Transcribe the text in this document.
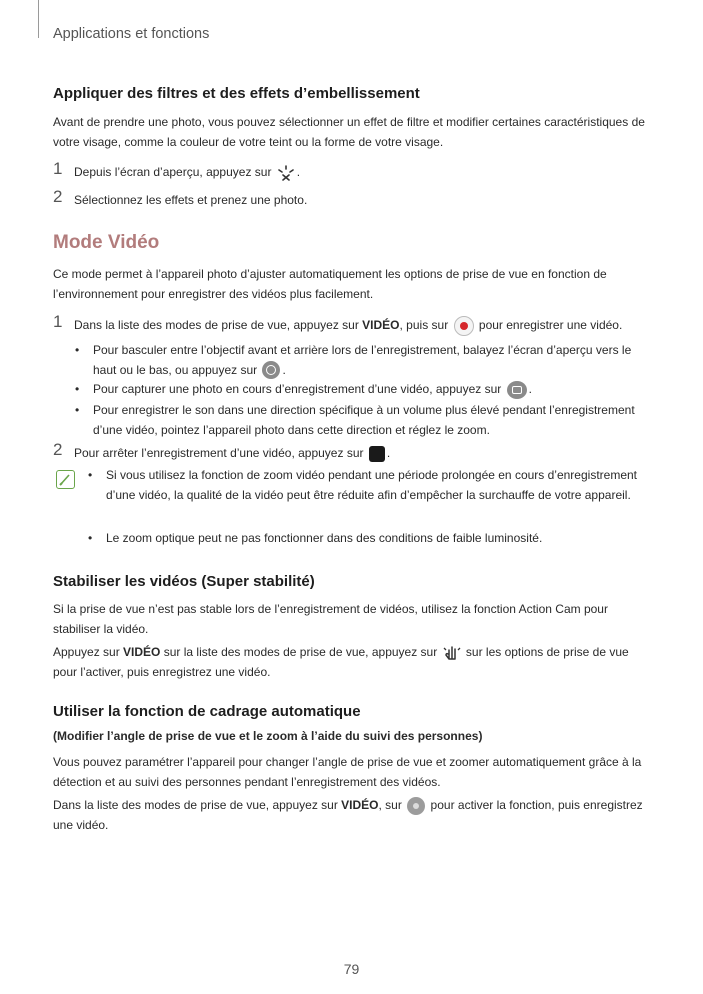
Applications et fonctions
Appliquer des filtres et des effets d’embellissement

Avant de prendre une photo, vous pouvez sélectionner un effet de filtre et modifier certaines caractéristiques de votre visage, comme la couleur de votre teint ou la forme de votre visage.

1 Depuis l’écran d’aperçu, appuyez sur .
2 Sélectionnez les effets et prenez une photo.
Mode Vidéo

Ce mode permet à l’appareil photo d’ajuster automatiquement les options de prise de vue en fonction de l’environnement pour enregistrer des vidéos plus facilement.

1 Dans la liste des modes de prise de vue, appuyez sur VIDÉO, puis sur	pour enregistrer une vidéo.
• Pour basculer entre l’objectif avant et arrière lors de l’enregistrement, balayez l’écran d’aperçu vers le haut ou le bas, ou appuyez sur .
• Pour capturer une photo en cours d’enregistrement d’une vidéo, appuyez sur .
• Pour enregistrer le son dans une direction spécifique à un volume plus élevé pendant l’enregistrement d’une vidéo, pointez l’appareil photo dans cette direction et réglez le zoom.
2 Pour arrêter l’enregistrement d’une vidéo, appuyez sur .
• Si vous utilisez la fonction de zoom vidéo pendant une période prolongée en cours d’enregistrement d’une vidéo, la qualité de la vidéo peut être réduite afin d’empêcher la surchauffe de votre appareil.
• Le zoom optique peut ne pas fonctionner dans des conditions de faible luminosité.
Stabiliser les vidéos (Super stabilité)

Si la prise de vue n’est pas stable lors de l’enregistrement de vidéos, utilisez la fonction Action Cam pour stabiliser la vidéo.

Appuyez sur VIDÉO sur la liste des modes de prise de vue, appuyez sur sur les options de prise de vue pour l’activer, puis enregistrez une vidéo.

Utiliser la fonction de cadrage automatique
(Modifier l’angle de prise de vue et le zoom à l’aide du suivi des personnes)

Vous pouvez paramétrer l’appareil pour changer l’angle de prise de vue et zoomer automatiquement grâce à la détection et au suivi des personnes pendant l’enregistrement des vidéos.

Dans la liste des modes de prise de vue, appuyez sur VIDÉO, sur pour activer la fonction, puis enregistrez une vidéo.

79
